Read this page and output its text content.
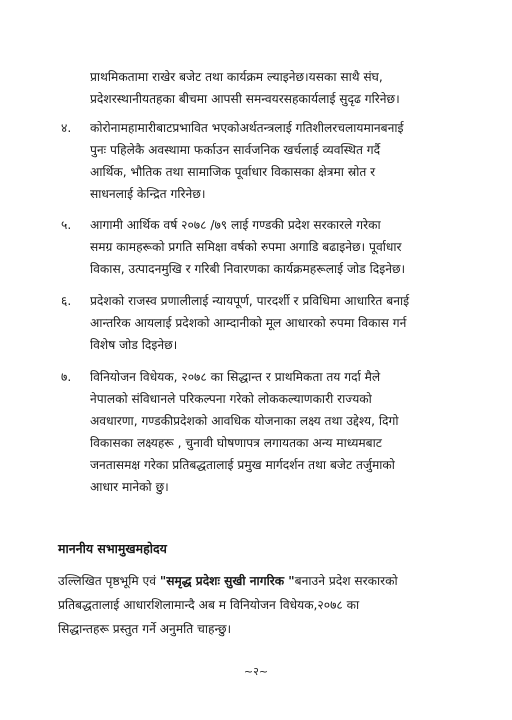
प्राथमिकतामा राखेर बजेट तथा कार्यक्रम ल्याइनेछ।यसका साथै संघ,
प्रदेशरस्थानीयतहका बीचमा आपसी समन्वयरसहकार्यलाई सुदृढ गरिनेछ।
४. कोरोनामहामारीबाटप्रभावित भएकोअर्थतन्त्रलाई गतिशीलरचलायमानबनाई
पुनः पहिलेकै अवस्थामा फर्काउन सार्वजनिक खर्चलाई व्यवस्थित गर्दै
आर्थिक, भौतिक तथा सामाजिक पूर्वाधार विकासका क्षेत्रमा स्रोत र
साधनलाई केन्द्रित गरिनेछ।
५. आगामी आर्थिक वर्ष २०७८ /७९ लाई गण्डकी प्रदेश सरकारले गरेका
समग्र कामहरूको प्रगति समिक्षा वर्षको रुपमा अगाडि बढाइनेछ। पूर्वाधार
विकास, उत्पादनमुखि र गरिबी निवारणका कार्यक्रमहरूलाई जोड दिइनेछ।
६. प्रदेशको राजस्व प्रणालीलाई न्यायपूर्ण, पारदर्शी र प्रविधिमा आधारित बनाई
आन्तरिक आयलाई प्रदेशको आम्दानीको मूल आधारको रुपमा विकास गर्न
विशेष जोड दिइनेछ।
७. विनियोजन विधेयक, २०७८ का सिद्धान्त र प्राथमिकता तय गर्दा मैले
नेपालको संविधानले परिकल्पना गरेको लोककल्याणकारी राज्यको
अवधारणा, गण्डकीप्रदेशको आवधिक योजनाका लक्ष्य तथा उद्देश्य, दिगो
विकासका लक्ष्यहरू , चुनावी घोषणापत्र लगायतका अन्य माध्यमबाट
जनतासमक्ष गरेका प्रतिबद्धतालाई प्रमुख मार्गदर्शन तथा बजेट तर्जुमाको
आधार मानेको छु।
माननीय सभामुखमहोदय
उल्लिखित पृष्ठभूमि एवं "समृद्ध प्रदेशः सुखी नागरिक "बनाउने प्रदेश सरकारको
प्रतिबद्धतालाई आधारशिलामान्दै अब म विनियोजन विधेयक,२०७८ का
सिद्धान्तहरू प्रस्तुत गर्ने अनुमति चाहन्छु।
~२~
